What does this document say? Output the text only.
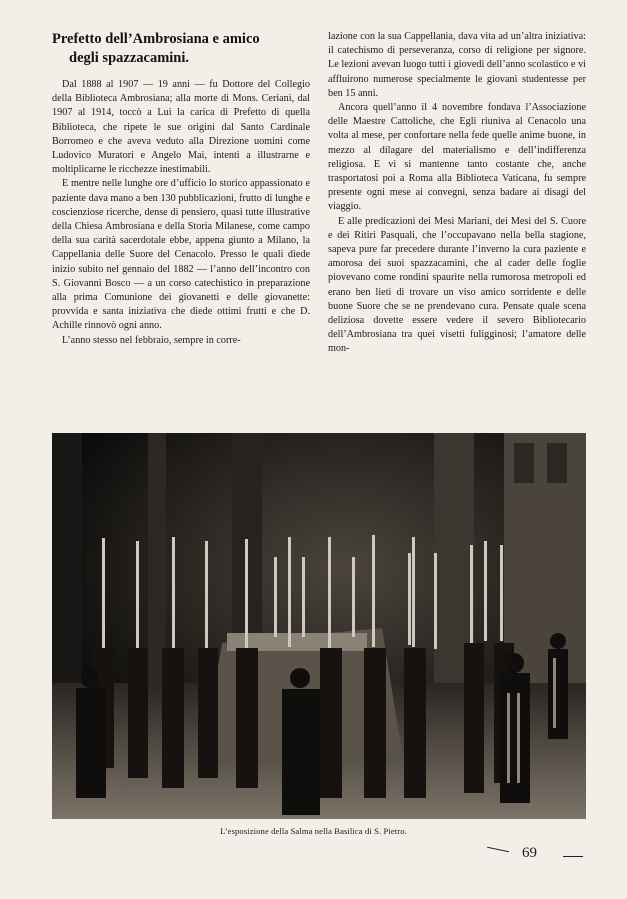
Prefetto dell’Ambrosiana e amico
degli spazzacamini.

Dal 1888 al 1907 — 19 anni — fu Dottore del Collegio della Biblioteca Ambrosiana; alla morte di Mons. Ceriani, dal 1907 al 1914, toccò a Lui la carica di Prefetto di quella Biblioteca, che ripete le sue origini dal Santo Cardinale Borromeo e che aveva veduto alla Direzione uomini come Ludovico Muratori e Angelo Mai, intenti a illustrarne e moltiplicarne le ricchezze inestimabili.

E mentre nelle lunghe ore d’ufficio lo storico appassionato e paziente dava mano a ben 130 pubblicazioni, frutto di lunghe e coscienziose ricerche, dense di pensiero, quasi tutte illustrative della Chiesa Ambrosiana e della Storia Milanese, come campo della sua carità sacerdotale ebbe, appena giunto a Milano, la Cappellania delle Suore del Cenacolo. Presso le quali diede inizio subito nel gennaio del 1882 — l’anno dell’incontro con S. Giovanni Bosco — a un corso catechistico in preparazione alla prima Comunione dei giovanetti e delle giovanette: provvida e santa iniziativa che diede ottimi frutti e che D. Achille rinnovò ogni anno.

L’anno stesso nel febbraio, sempre in corre-

lazione con la sua Cappellania, dava vita ad un’altra iniziativa: il catechismo di perseveranza, corso di religione per signore. Le lezioni avevan luogo tutti i giovedì dell’anno scolastico e vi affluirono numerose specialmente le giovani studentesse per ben 15 anni.

Ancora quell’anno il 4 novembre fondava l’Associazione delle Maestre Cattoliche, che Egli riuniva al Cenacolo una volta al mese, per confortare nella fede quelle anime buone, in mezzo al dilagare del materialismo e dell’indifferenza religiosa. E vi si mantenne tanto costante che, anche trasportatosi poi a Roma alla Biblioteca Vaticana, fu sempre presente ogni mese ai convegni, senza badare ai disagi del viaggio.

E alle predicazioni dei Mesi Mariani, dei Mesi del S. Cuore e dei Ritiri Pasquali, che l’occupavano nella bella stagione, sapeva pure far precedere durante l’inverno la cura paziente e amorosa dei suoi spazzacamini, che al cader delle foglie piovevano come rondini spaurite nella rumorosa metropoli ed erano ben lieti di trovare un viso amico sorridente e delle buone Suore che se ne prendevano cura. Pensate quale scena deliziosa dovette essere vedere il severo Bibliotecario dell’Ambrosiana tra quei visetti fuligginosi; l’amatore delle mon-

L’esposizione della Salma nella Basilica di S. Pietro.
69
